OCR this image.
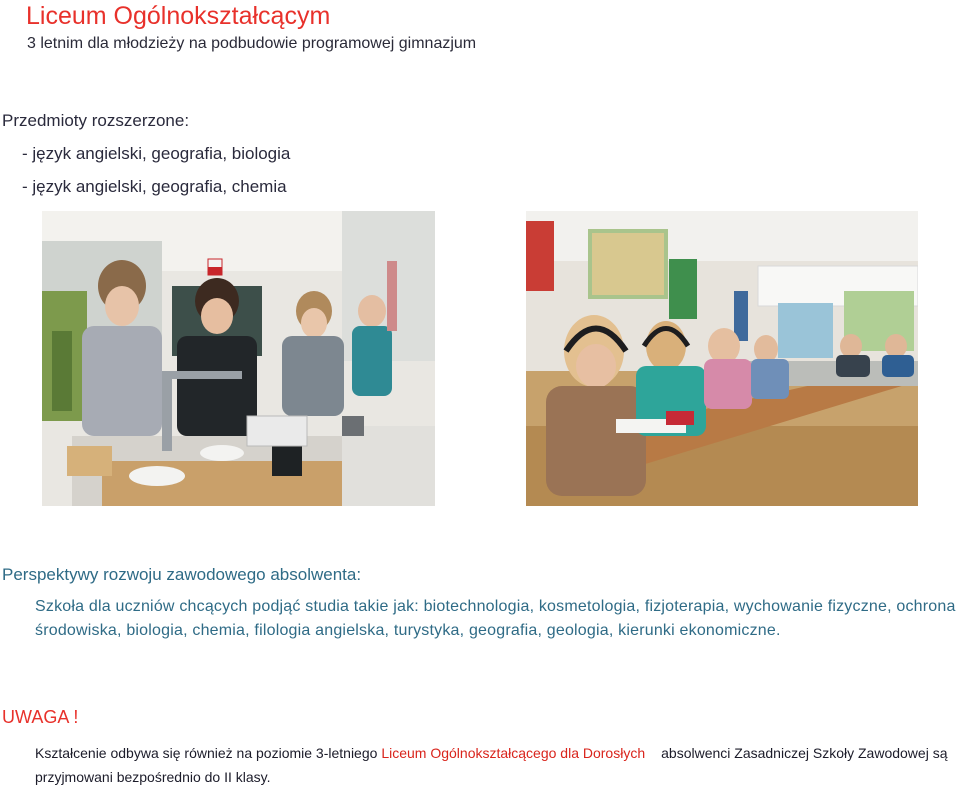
Liceum Ogólnokształcącym
3 letnim dla młodzieży na podbudowie programowej gimnazjum
Przedmioty rozszerzone:
- język angielski, geografia, biologia
- język angielski, geografia, chemia
Perspektywy rozwoju zawodowego absolwenta:
Szkoła dla uczniów chcących podjąć studia takie jak: biotechnologia, kosmetologia, fizjoterapia, wychowanie fizyczne, ochrona środowiska, biologia, chemia, filologia angielska, turystyka, geografia, geologia, kierunki ekonomiczne.
UWAGA !
Kształcenie odbywa się również na poziomie 3-letniego Liceum Ogólnokształcącego dla Dorosłych absolwenci Zasadniczej Szkoły Zawodowej są przyjmowani bezpośrednio do II klasy.
